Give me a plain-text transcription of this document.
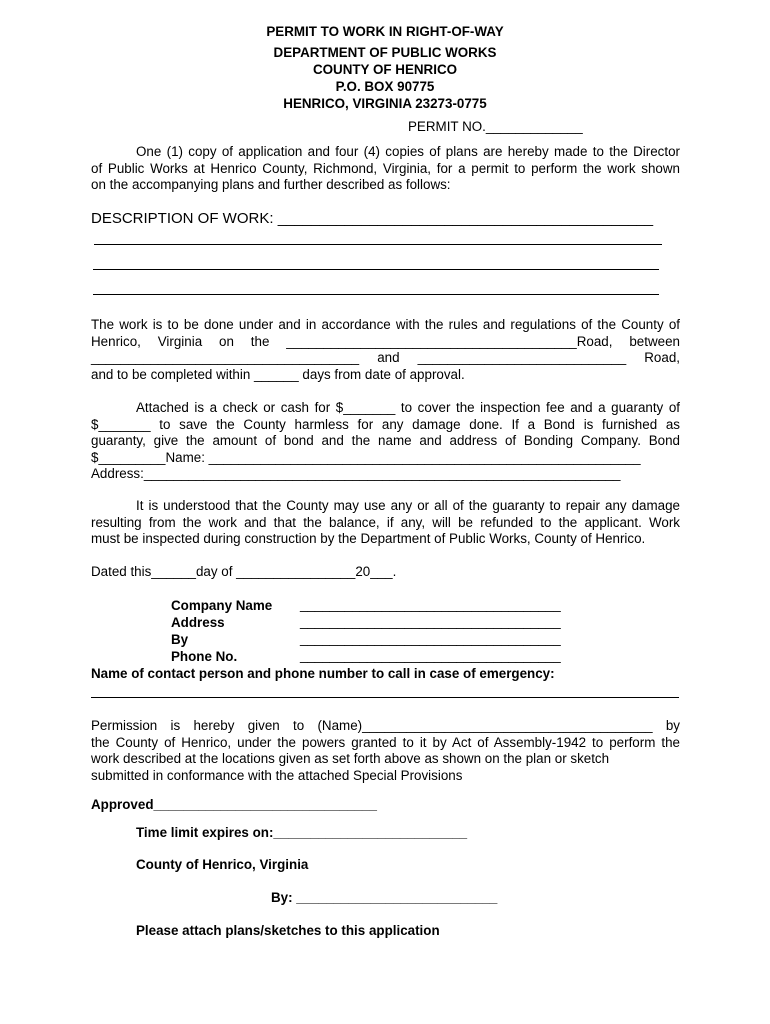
PERMIT TO WORK IN RIGHT-OF-WAY
DEPARTMENT OF PUBLIC WORKS
COUNTY OF HENRICO
P.O. BOX 90775
HENRICO, VIRGINIA 23273-0775
PERMIT NO._____________
One (1) copy of application and four (4) copies of plans are hereby made to the Director
of Public Works at Henrico County, Richmond, Virginia, for a permit to perform the work shown
on the accompanying plans and further described as follows:
DESCRIPTION OF WORK: _____________________________________________
The work is to be done under and in accordance with the rules and regulations of the County of
Henrico, Virginia on the _______________________________________Road, between
____________________________________ and ____________________________ Road,
and to be completed within ______ days from date of approval.
Attached is a check or cash for $_______ to cover the inspection fee and a guaranty of
$_______ to save the County harmless for any damage done. If a Bond is furnished as
guaranty, give the amount of bond and the name and address of Bonding Company. Bond
$_________Name: __________________________________________________________
Address:________________________________________________________________
It is understood that the County may use any or all of the guaranty to repair any damage
resulting from the work and that the balance, if any, will be refunded to the applicant. Work
must be inspected during construction by the Department of Public Works, County of Henrico.
Dated this______day of ________________20___.
Company Name ___________________________________
Address	___________________________________
By	___________________________________
Phone No.	___________________________________
Name of contact person and phone number to call in case of emergency:
Permission is hereby given to (Name)_______________________________________ by
the County of Henrico, under the powers granted to it by Act of Assembly-1942 to perform the
work described at the locations given as set forth above as shown on the plan or sketch
submitted in conformance with the attached Special Provisions
Approved______________________________
Time limit expires on:__________________________
County of Henrico, Virginia
By: ___________________________
Please attach plans/sketches to this application
